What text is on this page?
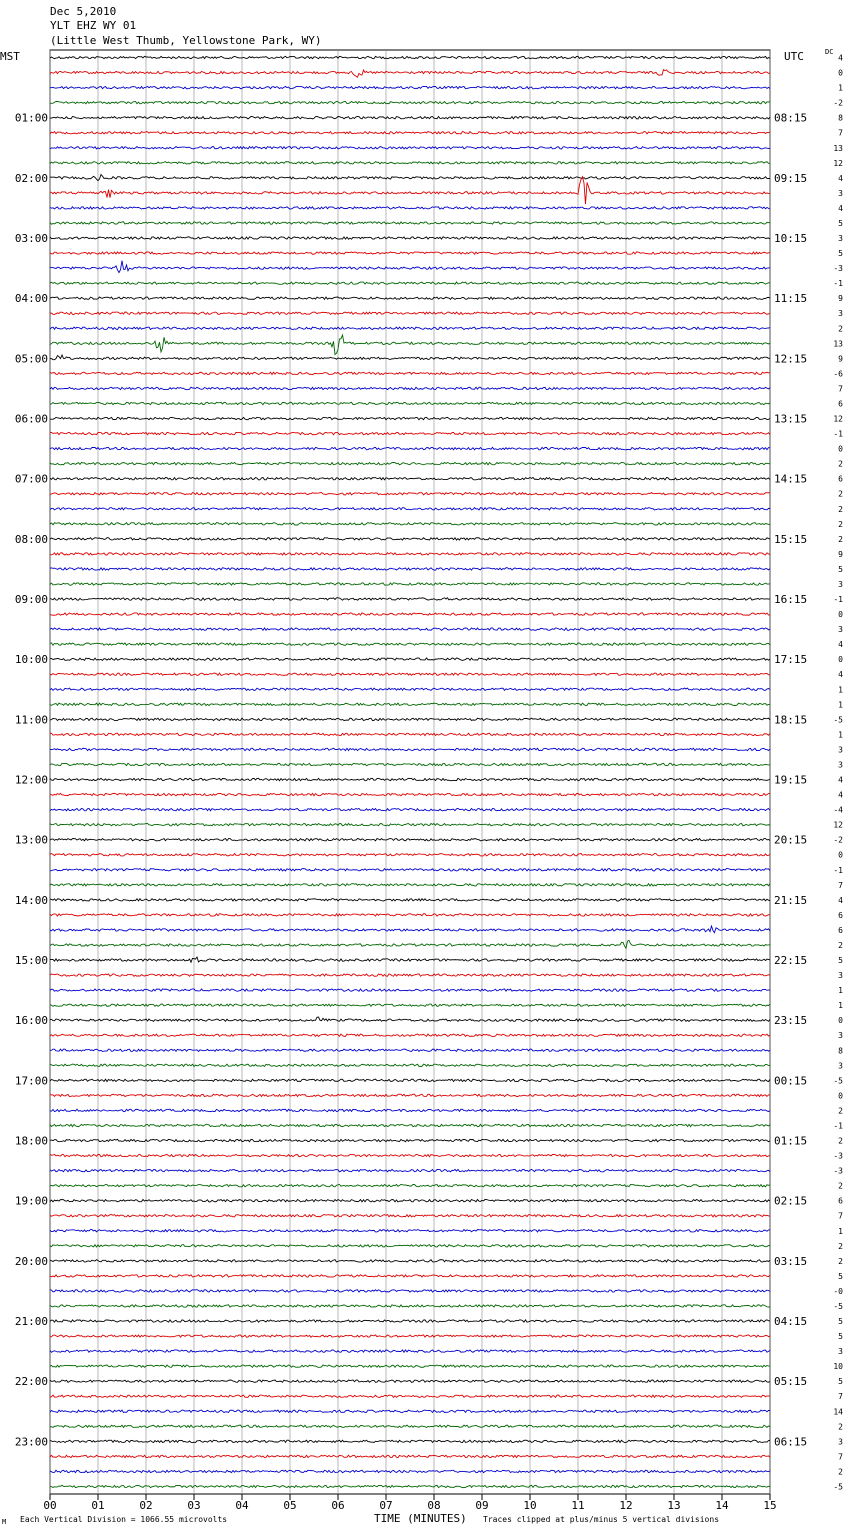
Dec 5,2010
YLT EHZ WY 01
(Little West Thumb, Yellowstone Park, WY)
MST	UTC	DC
00	01	02	03	04	05	06	07	08	09	10	11	12	13	14	15
4
0
1
-2
8
7
13
12
4
3
4
5
3
5
-3
-1
9
3
2
13
9
-6
7
6
12
-1
0
2
6
2
2
2
2
9
5
3
-1
0
3
4
0
4
1
1
-5
1
3
3
4
4
-4
12
-2
0
-1
7
4
6
6
2
5
3
1
1
0
3
8
3
-5
0
2
-1
2
-3
-3
2
6
7
1
2
2
5
-0
-5
5
5
3
10
5
7
14
2
3
7
2
-5
01:00
02:00
03:00
04:00
05:00
06:00
07:00
08:00
09:00
10:00
11:00
12:00
13:00
14:00
15:00
16:00
17:00
18:00
19:00
20:00
21:00
22:00
23:00
08:15
09:15
10:15
11:15
12:15
13:15
14:15
15:15
16:15
17:15
18:15
19:15
20:15
21:15
22:15
23:15
00:15
01:15
02:15
03:15
04:15
05:15
06:15
Each Vertical Division = 1066.55 microvolts	TIME (MINUTES) Traces clipped at plus/minus 5 vertical divisions
M
